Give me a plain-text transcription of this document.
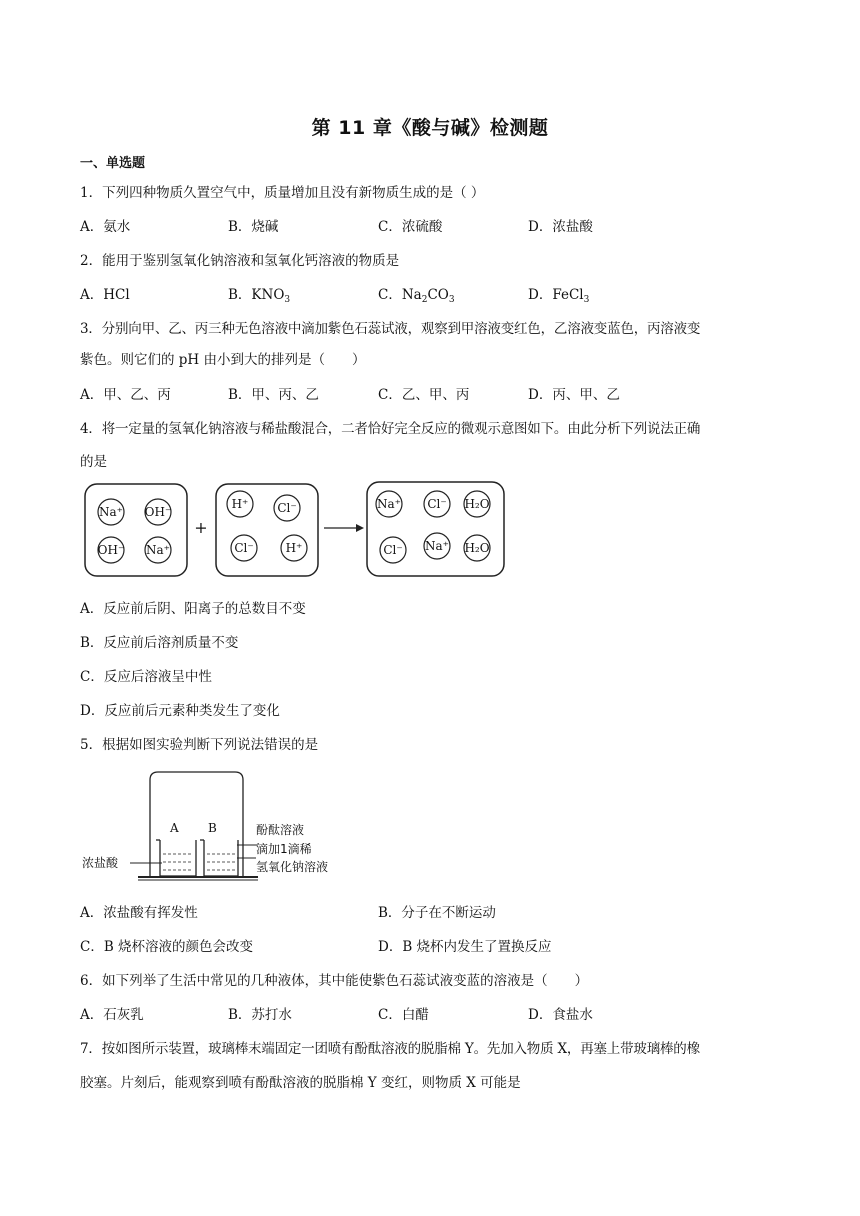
第 11 章《酸与碱》检测题
一、单选题
1．下列四种物质久置空气中，质量增加且没有新物质生成的是（ ）
A．氨水	B．烧碱	C．浓硫酸	D．浓盐酸
2．能用于鉴别氢氧化钠溶液和氢氧化钙溶液的物质是
A．HCl	B．$KNO_3$	C．$Na_2CO_3$	D．FeCl$_3$
3．分别向甲、乙、丙三种无色溶液中滴加紫色石蕊试液，观察到甲溶液变红色，乙溶液变蓝色，丙溶液变
紫色。则它们的 pH 由小到大的排列是（　　）
A．甲、乙、丙	B．甲、丙、乙	C．乙、甲、丙	D．丙、甲、乙
4．将一定量的氢氧化钠溶液与稀盐酸混合，二者恰好完全反应的微观示意图如下。由此分析下列说法正确
的是
Na⁺ OH⁻
OH⁻ Na⁺
H⁺ Cl⁻
Cl⁻	H⁺
Na⁺ Cl⁻ H₂O
Cl⁻ Na⁺ H₂O
+
A．反应前后阴、阳离子的总数目不变
B．反应前后溶剂质量不变
C．反应后溶液呈中性
D．反应前后元素种类发生了变化
5．根据如图实验判断下列说法错误的是
A B
浓盐酸
酚酞溶液
滴加1滴稀
氢氧化钠溶液
A．浓盐酸有挥发性	B．分子在不断运动
C．B 烧杯溶液的颜色会改变	D．B 烧杯内发生了置换反应
6．如下列举了生活中常见的几种液体，其中能使紫色石蕊试液变蓝的溶液是（　　）
A．石灰乳	B．苏打水	C．白醋	D．食盐水
7．按如图所示装置，玻璃棒末端固定一团喷有酚酞溶液的脱脂棉 Y。先加入物质 X，再塞上带玻璃棒的橡
胶塞。片刻后，能观察到喷有酚酞溶液的脱脂棉 Y 变红，则物质 X 可能是
